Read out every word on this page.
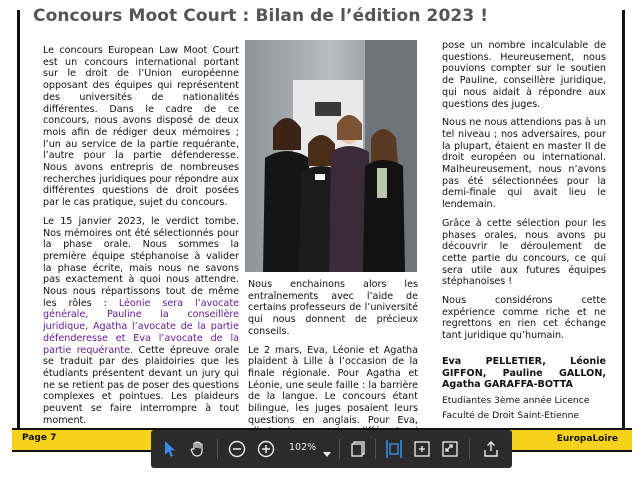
Concours Moot Court : Bilan de l’édition 2023 !

Le concours European Law Moot Court est un concours international portant sur le droit de l’Union européenne opposant des équipes qui représentent des universités de nationalités différentes. Dans le cadre de ce concours, nous avons disposé de deux mois afin de rédiger deux mémoires ; l’un au service de la partie requérante, l’autre pour la partie défenderesse. Nous avons entrepris de nombreuses recherches juridiques pour répondre aux différentes questions de droit posées par le cas pratique, sujet du concours.

Le 15 janvier 2023, le verdict tombe. Nos mémoires ont été sélectionnés pour la phase orale. Nous sommes la première équipe stéphanoise à valider la phase écrite, mais nous ne savons pas exactement à quoi nous attendre. Nous nous répartissons tout de même les rôles : Léonie sera l’avocate générale, Pauline la conseillère juridique, Agatha l’avocate de la partie défenderesse et Eva l’avocate de la partie requérante. Cette épreuve orale se traduit par des plaidoiries que les étudiants présentent devant un jury qui ne se retient pas de poser des questions complexes et pointues. Les plaideurs peuvent se faire interrompre à tout moment.

Nous enchainons alors les entraînements avec l’aide de certains professeurs de l’université qui nous donnent de précieux conseils.

Le 2 mars, Eva, Léonie et Agatha plaident à Lille à l’occasion de la finale régionale. Pour Agatha et Léonie, une seule faille : la barrière de la langue. Le concours étant bilingue, les juges posaient leurs questions en anglais. Pour Eva,

pose un nombre incalculable de questions. Heureusement, nous pouvions compter sur le soutien de Pauline, conseillère juridique, qui nous aidait à répondre aux questions des juges.

Nous ne nous attendions pas à un tel niveau ; nos adversaires, pour la plupart, étaient en master II de droit européen ou international. Malheureusement, nous n’avons pas été sélectionnées pour la demi-finale qui avait lieu le lendemain.

Grâce à cette sélection pour les phases orales, nous avons pu découvrir le déroulement de cette partie du concours, ce qui sera utile aux futures équipes stéphanoises !

Nous considérons cette expérience comme riche et ne regrettons en rien cet échange tant juridique qu’humain.

Eva PELLETIER, Léonie GIFFON, Pauline GALLON, Agatha GARAFFA-BOTTA

Etudiantes 3ème année Licence

Faculté de Droit Saint-Etienne

Page 7	EuropaLoire
102%
